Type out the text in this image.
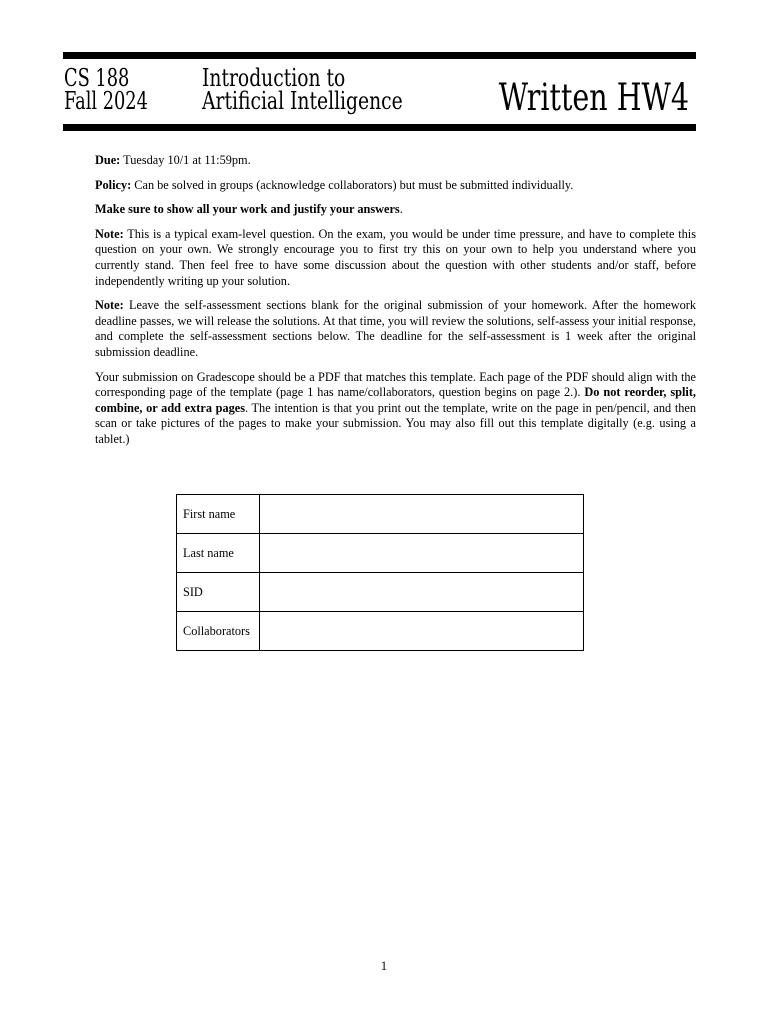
CS 188
Fall 2024
Introduction to
Artificial Intelligence	Written HW4

Due: Tuesday 10/1 at 11:59pm.

Policy: Can be solved in groups (acknowledge collaborators) but must be submitted individually.

Make sure to show all your work and justify your answers.

Note: This is a typical exam-level question. On the exam, you would be under time pressure, and have to complete this question on your own. We strongly encourage you to first try this on your own to help you understand where you currently stand. Then feel free to have some discussion about the question with other students and/or staff, before independently writing up your solution.

Note: Leave the self-assessment sections blank for the original submission of your homework. After the homework deadline passes, we will release the solutions. At that time, you will review the solutions, self-assess your initial response, and complete the self-assessment sections below. The deadline for the self-assessment is 1 week after the original submission deadline.

Your submission on Gradescope should be a PDF that matches this template. Each page of the PDF should align with the corresponding page of the template (page 1 has name/collaborators, question begins on page 2.). Do not reorder, split, combine, or add extra pages. The intention is that you print out the template, write on the page in pen/pencil, and then scan or take pictures of the pages to make your submission. You may also fill out this template digitally (e.g. using a tablet.)

First name	
Last name	
SID	
Collaborators	
1
